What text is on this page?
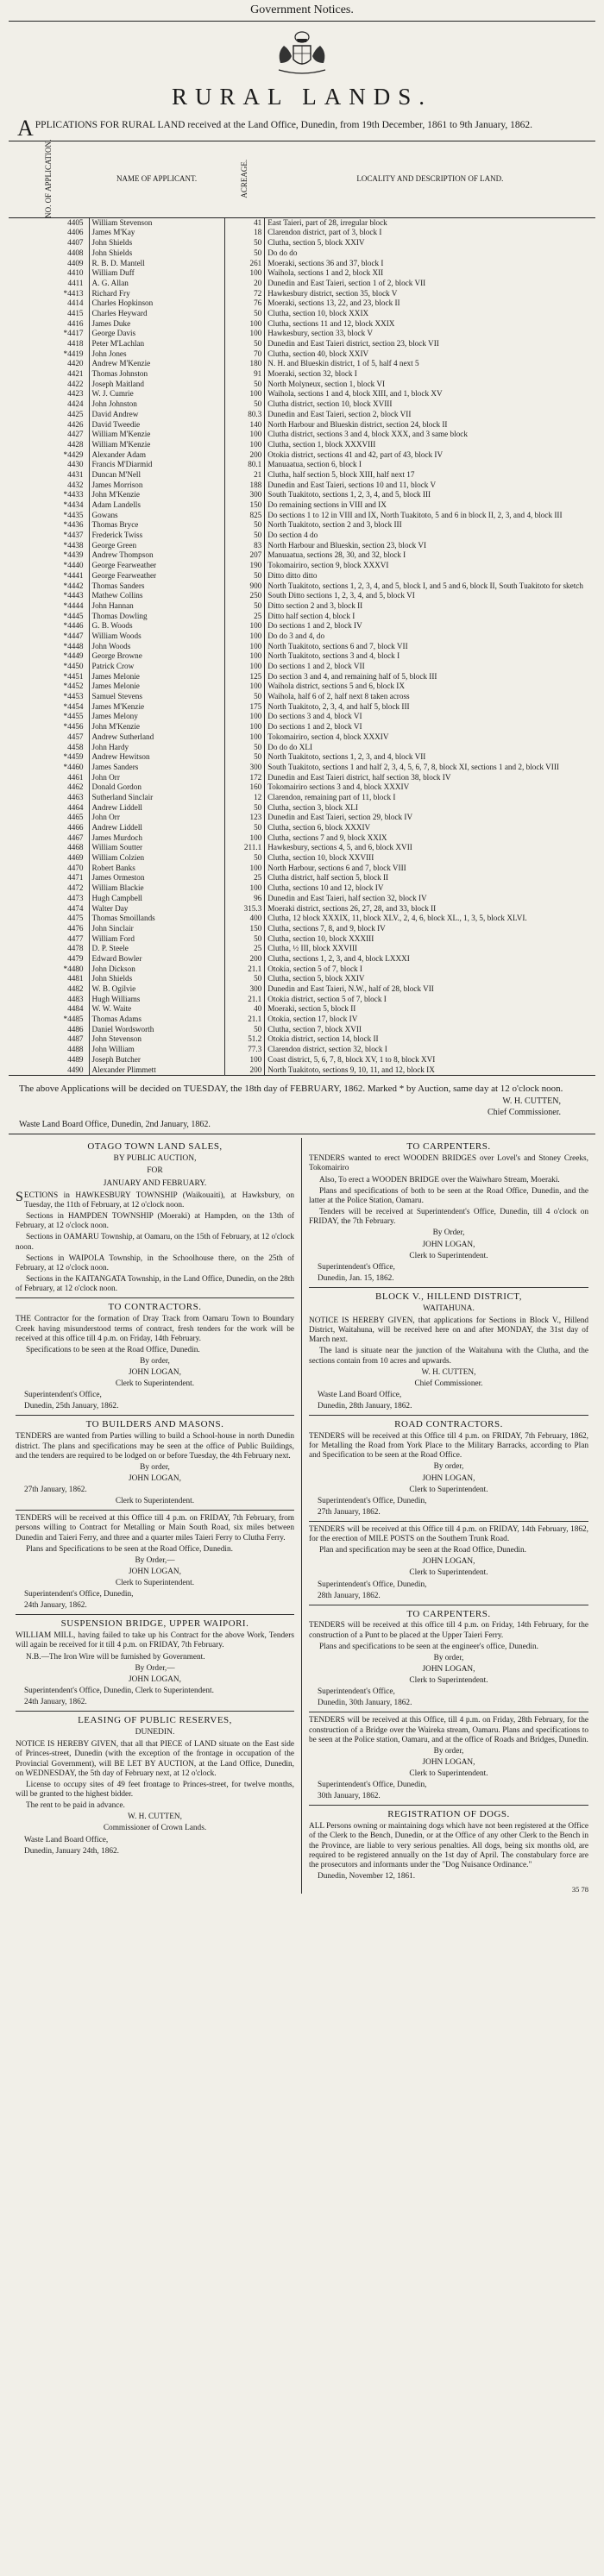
Government Notices.
RURAL LANDS.
APPLICATIONS FOR RURAL LAND received at the Land Office, Dunedin, from 19th December, 1861 to 9th January, 1862.
NO. OF APPLICATION.	NAME OF APPLICANT.	ACREAGE.	LOCALITY AND DESCRIPTION OF LAND.
4405	William Stevenson	41	East Taieri, part of 28, irregular block
4406	James M'Kay	18	Clarendon district, part of 3, block I
4407	John Shields	50	Clutha, section 5, block XXIV
4408	John Shields	50	Do do do
4409	R. B. D. Mantell	261	Moeraki, sections 36 and 37, block I
4410	William Duff	100	Waihola, sections 1 and 2, block XII
4411	A. G. Allan	20	Dunedin and East Taieri, section 1 of 2, block VII
*4413	Richard Fry	72	Hawkesbury district, section 35, block V
4414	Charles Hopkinson	76	Moeraki, sections 13, 22, and 23, block II
4415	Charles Heyward	50	Clutha, section 10, block XXIX
4416	James Duke	100	Clutha, sections 11 and 12, block XXIX
*4417	George Davis	100	Hawkesbury, section 33, block V
4418	Peter M'Lachlan	50	Dunedin and East Taieri district, section 23, block VII
*4419	John Jones	70	Clutha, section 40, block XXIV
4420	Andrew M'Kenzie	180	N. H. and Blueskin district, 1 of 5, half 4 next 5
4421	Thomas Johnston	91	Moeraki, section 32, block I
4422	Joseph Maitland	50	North Molyneux, section 1, block VI
4423	W. J. Cumrie	100	Waihola, sections 1 and 4, block XIII, and 1, block XV
4424	John Johnston	50	Clutha district, section 10, block XVIII
4425	David Andrew	80.3	Dunedin and East Taieri, section 2, block VII
4426	David Tweedie	140	North Harbour and Blueskin district, section 24, block II
4427	William M'Kenzie	100	Clutha district, sections 3 and 4, block XXX, and 3 same block
4428	William M'Kenzie	100	Clutha, section 1, block XXXVIII
*4429	Alexander Adam	200	Otokia district, sections 41 and 42, part of 43, block IV
4430	Francis M'Diarmid	80.1	Manuaatua, section 6, block I
4431	Duncan M'Nell	21	Clutha, half section 5, block XIII, half next 17
4432	James Morrison	188	Dunedin and East Taieri, sections 10 and 11, block V
*4433	John M'Kenzie	300	South Tuakitoto, sections 1, 2, 3, 4, and 5, block III
*4434	Adam Landells	150	Do remaining sections in VIII and IX
*4435	Gowans	825	Do sections 1 to 12 in VIII and IX, North Tuakitoto, 5 and 6 in block II, 2, 3, and 4, block III
*4436	Thomas Bryce	50	North Tuakitoto, section 2 and 3, block III
*4437	Frederick Twiss	50	Do section 4 do
*4438	George Green	83	North Harbour and Blueskin, section 23, block VI
*4439	Andrew Thompson	207	Manuaatua, sections 28, 30, and 32, block I
*4440	George Fearweather	190	Tokomairiro, section 9, block XXXVI
*4441	George Fearweather	50	Ditto ditto ditto
*4442	Thomas Sanders	900	North Tuakitoto, sections 1, 2, 3, 4, and 5, block I, and 5 and 6, block II, South Tuakitoto for sketch
*4443	Mathew Collins	250	South Ditto sections 1, 2, 3, 4, and 5, block VI
*4444	John Hannan	50	Ditto section 2 and 3, block II
*4445	Thomas Dowling	25	Ditto half section 4, block I
*4446	G. B. Woods	100	Do sections 1 and 2, block IV
*4447	William Woods	100	Do do 3 and 4, do
*4448	John Woods	100	North Tuakitoto, sections 6 and 7, block VII
*4449	George Browne	100	North Tuakitoto, sections 3 and 4, block I
*4450	Patrick Crow	100	Do sections 1 and 2, block VII
*4451	James Melonie	125	Do section 3 and 4, and remaining half of 5, block III
*4452	James Melonie	100	Waihola district, sections 5 and 6, block IX
*4453	Samuel Stevens	50	Waihola, half 6 of 2, half next 8 taken across
*4454	James M'Kenzie	175	North Tuakitoto, 2, 3, 4, and half 5, block III
*4455	James Melony	100	Do sections 3 and 4, block VI
*4456	John M'Kenzie	100	Do sections 1 and 2, block VI
4457	Andrew Sutherland	100	Tokomairiro, section 4, block XXXIV
4458	John Hardy	50	Do do do XLI
*4459	Andrew Hewitson	50	North Tuakitoto, sections 1, 2, 3, and 4, block VII
*4460	James Sanders	300	South Tuakitoto, sections 1 and half 2, 3, 4, 5, 6, 7, 8, block XI, sections 1 and 2, block VIII
4461	John Orr	172	Dunedin and East Taieri district, half section 38, block IV
4462	Donald Gordon	160	Tokomairiro sections 3 and 4, block XXXIV
4463	Sutherland Sinclair	12	Clarendon, remaining part of 11, block I
4464	Andrew Liddell	50	Clutha, section 3, block XLI
4465	John Orr	123	Dunedin and East Taieri, section 29, block IV
4466	Andrew Liddell	50	Clutha, section 6, block XXXIV
4467	James Murdoch	100	Clutha, sections 7 and 9, block XXIX
4468	William Soutter	211.1	Hawkesbury, sections 4, 5, and 6, block XVII
4469	William Colzien	50	Clutha, section 10, block XXVIII
4470	Robert Banks	100	North Harbour, sections 6 and 7, block VIII
4471	James Ormeston	25	Clutha district, half section 5, block II
4472	William Blackie	100	Clutha, sections 10 and 12, block IV
4473	Hugh Campbell	96	Dunedin and East Taieri, half section 32, block IV
4474	Walter Day	315.3	Moeraki district, sections 26, 27, 28, and 33, block II
4475	Thomas Smoillands	400	Clutha, 12 block XXXIX, 11, block XLV., 2, 4, 6, block XL., 1, 3, 5, block XLVI.
4476	John Sinclair	150	Clutha, sections 7, 8, and 9, block IV
4477	William Ford	50	Clutha, section 10, block XXXIII
4478	D. P. Steele	25	Clutha, ½ III, block XXVIII
4479	Edward Bowler	200	Clutha, sections 1, 2, 3, and 4, block LXXXI
*4480	John Dickson	21.1	Otokia, section 5 of 7, block I
4481	John Shields	50	Clutha, section 5, block XXIV
4482	W. B. Ogilvie	300	Dunedin and East Taieri, N.W., half of 28, block VII
4483	Hugh Williams	21.1	Otokia district, section 5 of 7, block I
4484	W. W. Waite	40	Moeraki, section 5, block II
*4485	Thomas Adams	21.1	Otokia, section 17, block IV
4486	Daniel Wordsworth	50	Clutha, section 7, block XVII
4487	John Stevenson	51.2	Otokia district, section 14, block II
4488	John William	77.3	Clarendon district, section 32, block I
4489	Joseph Butcher	100	Coast district, 5, 6, 7, 8, block XV, 1 to 8, block XVI
4490	Alexander Plimmett	200	North Tuakitoto, sections 9, 10, 11, and 12, block IX
The above Applications will be decided on TUESDAY, the 18th day of FEBRUARY, 1862. Marked * by Auction, same day at 12 o'clock noon.
W. H. CUTTEN,
Chief Commissioner.
Waste Land Board Office, Dunedin, 2nd January, 1862.
OTAGO TOWN LAND SALES,
BY PUBLIC AUCTION,
FOR
JANUARY AND FEBRUARY.

SECTIONS in HAWKESBURY TOWNSHIP (Waikouaiti), at Hawksbury, on Tuesday, the 11th of February, at 12 o'clock noon.

Sections in HAMPDEN TOWNSHIP (Moeraki) at Hampden, on the 13th of February, at 12 o'clock noon.

Sections in OAMARU Township, at Oamaru, on the 15th of February, at 12 o'clock noon.

Sections in WAIPOLA Township, in the Schoolhouse there, on the 25th of February, at 12 o'clock noon.

Sections in the KAITANGATA Township, in the Land Office, Dunedin, on the 28th of February, at 12 o'clock noon.

TO CONTRACTORS.

THE Contractor for the formation of Dray Track from Oamaru Town to Boundary Creek having misunderstood terms of contract, fresh tenders for the work will be received at this office till 4 p.m. on Friday, 14th February.

Specifications to be seen at the Road Office, Dunedin.

By order,
JOHN LOGAN,
Clerk to Superintendent.
Superintendent's Office,
Dunedin, 25th January, 1862.
TO BUILDERS AND MASONS.

TENDERS are wanted from Parties willing to build a School-house in north Dunedin district. The plans and specifications may be seen at the office of Public Buildings, and the tenders are required to be lodged on or before Tuesday, the 4th February next.

By order,
JOHN LOGAN,
27th January, 1862.
Clerk to Superintendent.

TENDERS will be received at this Office till 4 p.m. on FRIDAY, 7th February, from persons willing to Contract for Metalling or Main South Road, six miles between Dunedin and Taieri Ferry, and three and a quarter miles Taieri Ferry to Clutha Ferry.

Plans and Specifications to be seen at the Road Office, Dunedin.

By Order,—
JOHN LOGAN,
Clerk to Superintendent.
Superintendent's Office, Dunedin,
24th January, 1862.
SUSPENSION BRIDGE, UPPER WAIPORI.

WILLIAM MILL, having failed to take up his Contract for the above Work, Tenders will again be received for it till 4 p.m. on FRIDAY, 7th February.

N.B.—The Iron Wire will be furnished by Government.

By Order,—
JOHN LOGAN,
Superintendent's Office, Dunedin, Clerk to Superintendent.
24th January, 1862.
LEASING OF PUBLIC RESERVES,
DUNEDIN.

NOTICE IS HEREBY GIVEN, that all that PIECE of LAND situate on the East side of Princes-street, Dunedin (with the exception of the frontage in occupation of the Provincial Government), will BE LET BY AUCTION, at the Land Office, Dunedin, on WEDNESDAY, the 5th day of February next, at 12 o'clock.

License to occupy sites of 49 feet frontage to Princes-street, for twelve months, will be granted to the highest bidder.

The rent to be paid in advance.

W. H. CUTTEN,
Commissioner of Crown Lands.
Waste Land Board Office,
Dunedin, January 24th, 1862.
TO CARPENTERS.

TENDERS wanted to erect WOODEN BRIDGES over Lovel's and Stoney Creeks, Tokomairiro

Also, To erect a WOODEN BRIDGE over the Waiwharo Stream, Moeraki.

Plans and specifications of both to be seen at the Road Office, Dunedin, and the latter at the Police Station, Oamaru.

Tenders will be received at Superintendent's Office, Dunedin, till 4 o'clock on FRIDAY, the 7th February.

By Order,
JOHN LOGAN,
Clerk to Superintendent.
Superintendent's Office,
Dunedin, Jan. 15, 1862.
BLOCK V., HILLEND DISTRICT,
WAITAHUNA.

NOTICE IS HEREBY GIVEN, that applications for Sections in Block V., Hillend District, Waitahuna, will be received here on and after MONDAY, the 31st day of March next.

The land is situate near the junction of the Waitahuna with the Clutha, and the sections contain from 10 acres and upwards.

W. H. CUTTEN,
Chief Commissioner.
Waste Land Board Office,
Dunedin, 28th January, 1862.
ROAD CONTRACTORS.

TENDERS will be received at this Office till 4 p.m. on FRIDAY, 7th February, 1862, for Metalling the Road from York Place to the Military Barracks, according to Plan and Specification to be seen at the Road Office.

By order,
JOHN LOGAN,
Clerk to Superintendent.
Superintendent's Office, Dunedin,
27th January, 1862.

TENDERS will be received at this Office till 4 p.m. on FRIDAY, 14th February, 1862, for the erection of MILE POSTS on the Southern Trunk Road.

Plan and specification may be seen at the Road Office, Dunedin.

JOHN LOGAN,
Clerk to Superintendent.
Superintendent's Office, Dunedin,
28th January, 1862.
TO CARPENTERS.

TENDERS will be received at this office till 4 p.m. on Friday, 14th February, for the construction of a Punt to be placed at the Upper Taieri Ferry.

Plans and specifications to be seen at the engineer's office, Dunedin.

By order,
JOHN LOGAN,
Clerk to Superintendent.
Superintendent's Office,
Dunedin, 30th January, 1862.

TENDERS will be received at this Office, till 4 p.m. on Friday, 28th February, for the construction of a Bridge over the Waireka stream, Oamaru. Plans and specifications to be seen at the Police station, Oamaru, and at the office of Roads and Bridges, Dunedin.

By order,
JOHN LOGAN,
Clerk to Superintendent.
Superintendent's Office, Dunedin,
30th January, 1862.
REGISTRATION OF DOGS.

ALL Persons owning or maintaining dogs which have not been registered at the Office of the Clerk to the Bench, Dunedin, or at the Office of any other Clerk to the Bench in the Province, are liable to very serious penalties. All dogs, being six months old, are required to be registered annually on the 1st day of April. The constabulary force are the prosecutors and informants under the "Dog Nuisance Ordinance."

Dunedin, November 12, 1861.
35 78
